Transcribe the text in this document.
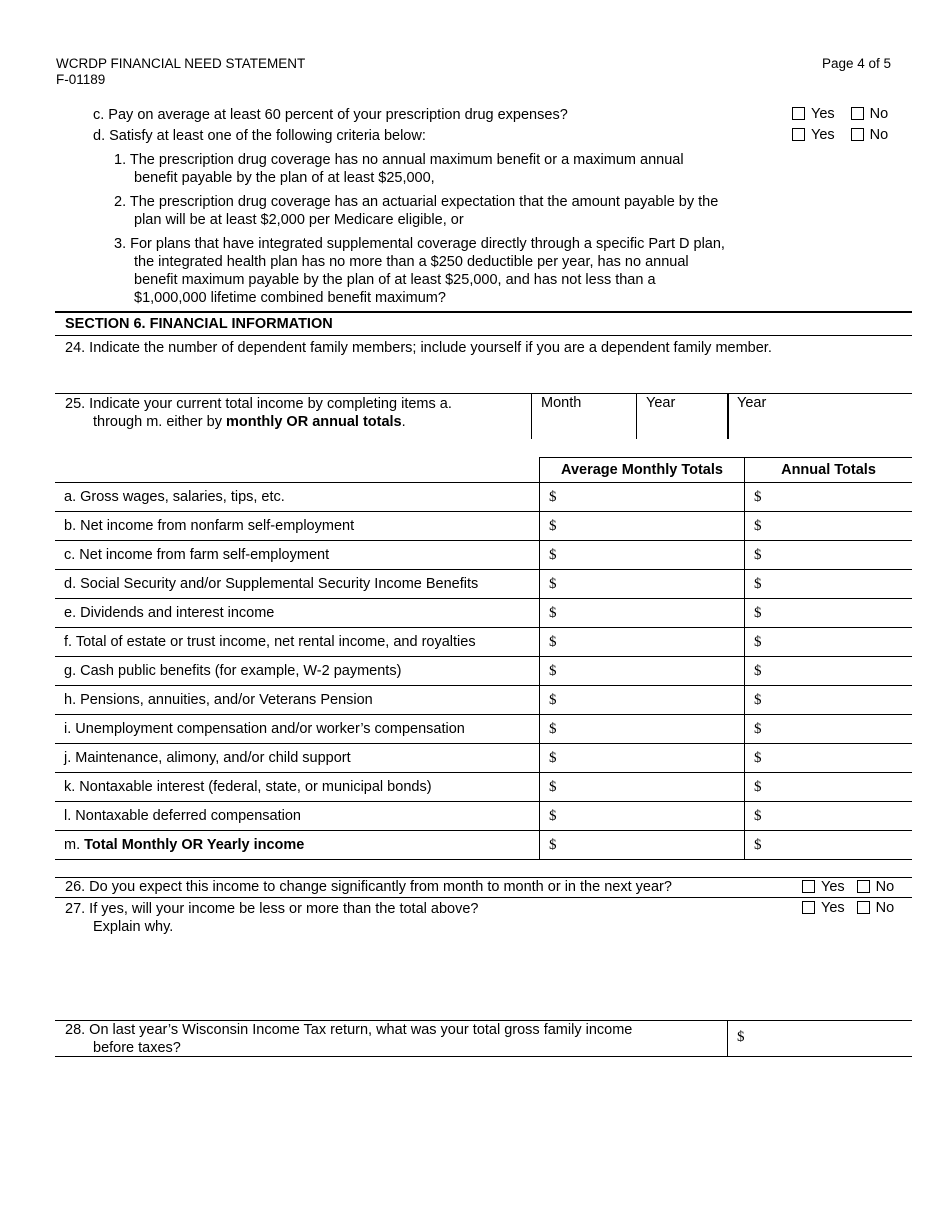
WCRDP FINANCIAL NEED STATEMENT
F-01189
Page 4 of 5
c. Pay on average at least 60 percent of your prescription drug expenses?	Yes No
d. Satisfy at least one of the following criteria below:	Yes No
1. The prescription drug coverage has no annual maximum benefit or a maximum annual
benefit payable by the plan of at least $25,000,
2. The prescription drug coverage has an actuarial expectation that the amount payable by the
plan will be at least $2,000 per Medicare eligible, or
3. For plans that have integrated supplemental coverage directly through a specific Part D plan,
the integrated health plan has no more than a $250 deductible per year, has no annual
benefit maximum payable by the plan of at least $25,000, and has not less than a
$1,000,000 lifetime combined benefit maximum?
SECTION 6. FINANCIAL INFORMATION
24. Indicate the number of dependent family members; include yourself if you are a dependent family member.
25. Indicate your current total income by completing items a.
through m. either by monthly OR annual totals.
Month	Year	Year
	Average Monthly Totals	Annual Totals
a. Gross wages, salaries, tips, etc.	$	$
b. Net income from nonfarm self-employment	$	$
c. Net income from farm self-employment	$	$
d. Social Security and/or Supplemental Security Income Benefits	$	$
e. Dividends and interest income	$	$
f. Total of estate or trust income, net rental income, and royalties	$	$
g. Cash public benefits (for example, W-2 payments)	$	$
h. Pensions, annuities, and/or Veterans Pension	$	$
i. Unemployment compensation and/or worker’s compensation	$	$
j. Maintenance, alimony, and/or child support	$	$
k. Nontaxable interest (federal, state, or municipal bonds)	$	$
l. Nontaxable deferred compensation	$	$
m. Total Monthly OR Yearly income	$	$
26. Do you expect this income to change significantly from month to month or in the next year?	Yes No
27. If yes, will your income be less or more than the total above?
Explain why.
Yes No
28. On last year’s Wisconsin Income Tax return, what was your total gross family income
before taxes?
$
